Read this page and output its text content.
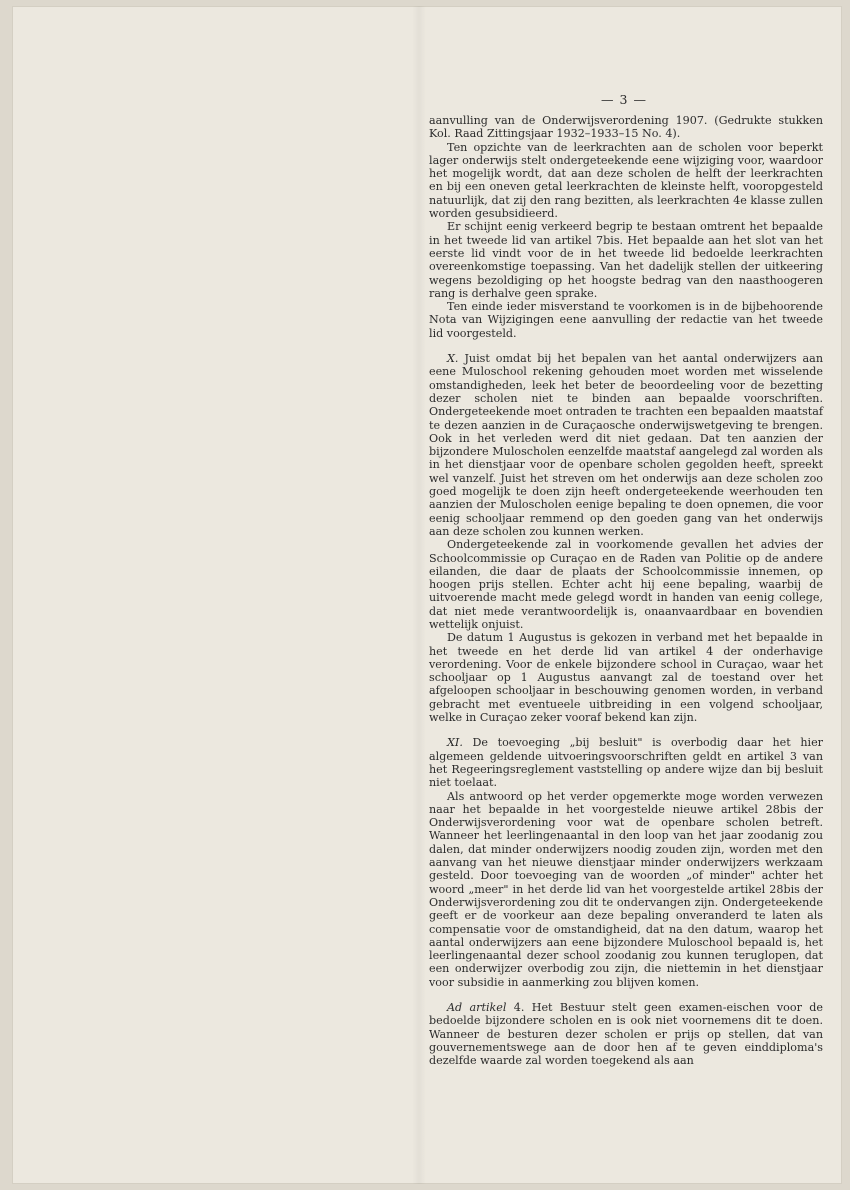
— 3 —

aanvulling van de Onderwijsverordening 1907. (Gedrukte stukken Kol. Raad Zittingsjaar 1932–1933–15 No. 4).

Ten opzichte van de leerkrachten aan de scholen voor beperkt lager onderwijs stelt ondergeteekende eene wijziging voor, waardoor het mogelijk wordt, dat aan deze scholen de helft der leerkrachten en bij een oneven getal leerkrachten de kleinste helft, vooropgesteld natuurlijk, dat zij den rang bezitten, als leerkrachten 4e klasse zullen worden gesubsidieerd.

Er schijnt eenig verkeerd begrip te bestaan omtrent het bepaalde in het tweede lid van artikel 7bis. Het bepaalde aan het slot van het eerste lid vindt voor de in het tweede lid bedoelde leerkrachten overeenkomstige toepassing. Van het dadelijk stellen der uitkeering wegens bezoldiging op het hoogste bedrag van den naasthoogeren rang is derhalve geen sprake.

Ten einde ieder misverstand te voorkomen is in de bijbehoorende Nota van Wijzigingen eene aanvulling der redactie van het tweede lid voorgesteld.

X. Juist omdat bij het bepalen van het aantal onderwijzers aan eene Muloschool rekening gehouden moet worden met wisselende omstandigheden, leek het beter de beoordeeling voor de bezetting dezer scholen niet te binden aan bepaalde voorschriften. Ondergeteekende moet ontraden te trachten een bepaalden maatstaf te dezen aanzien in de Curaçaosche onderwijswetgeving te brengen. Ook in het verleden werd dit niet gedaan. Dat ten aanzien der bijzondere Muloscholen eenzelfde maatstaf aangelegd zal worden als in het dienstjaar voor de openbare scholen gegolden heeft, spreekt wel vanzelf. Juist het streven om het onderwijs aan deze scholen zoo goed mogelijk te doen zijn heeft ondergeteekende weerhouden ten aanzien der Muloscholen eenige bepaling te doen opnemen, die voor eenig schooljaar remmend op den goeden gang van het onderwijs aan deze scholen zou kunnen werken.

Ondergeteekende zal in voorkomende gevallen het advies der Schoolcommissie op Curaçao en de Raden van Politie op de andere eilanden, die daar de plaats der Schoolcommissie innemen, op hoogen prijs stellen. Echter acht hij eene bepaling, waarbij de uitvoerende macht mede gelegd wordt in handen van eenig college, dat niet mede verantwoordelijk is, onaanvaardbaar en bovendien wettelijk onjuist.

De datum 1 Augustus is gekozen in verband met het bepaalde in het tweede en het derde lid van artikel 4 der onderhavige verordening. Voor de enkele bijzondere school in Curaçao, waar het schooljaar op 1 Augustus aanvangt zal de toestand over het afgeloopen schooljaar in beschouwing genomen worden, in verband gebracht met eventueele uitbreiding in een volgend schooljaar, welke in Curaçao zeker vooraf bekend kan zijn.

XI. De toevoeging „bij besluit" is overbodig daar het hier algemeen geldende uitvoeringsvoorschriften geldt en artikel 3 van het Regeeringsreglement vaststelling op andere wijze dan bij besluit niet toelaat.

Als antwoord op het verder opgemerkte moge worden verwezen naar het bepaalde in het voorgestelde nieuwe artikel 28bis der Onderwijsverordening voor wat de openbare scholen betreft. Wanneer het leerlingenaantal in den loop van het jaar zoodanig zou dalen, dat minder onderwijzers noodig zouden zijn, worden met den aanvang van het nieuwe dienstjaar minder onderwijzers werkzaam gesteld. Door toevoeging van de woorden „of minder" achter het woord „meer" in het derde lid van het voorgestelde artikel 28bis der Onderwijsverordening zou dit te ondervangen zijn. Ondergeteekende geeft er de voorkeur aan deze bepaling onveranderd te laten als compensatie voor de omstandigheid, dat na den datum, waarop het aantal onderwijzers aan eene bijzondere Muloschool bepaald is, het leerlingenaantal dezer school zoodanig zou kunnen teruglopen, dat een onderwijzer overbodig zou zijn, die niettemin in het dienstjaar voor subsidie in aanmerking zou blijven komen.

Ad artikel 4. Het Bestuur stelt geen examen-eischen voor de bedoelde bijzondere scholen en is ook niet voornemens dit te doen. Wanneer de besturen dezer scholen er prijs op stellen, dat van gouvernementswege aan de door hen af te geven einddiploma's dezelfde waarde zal worden toegekend als aan
